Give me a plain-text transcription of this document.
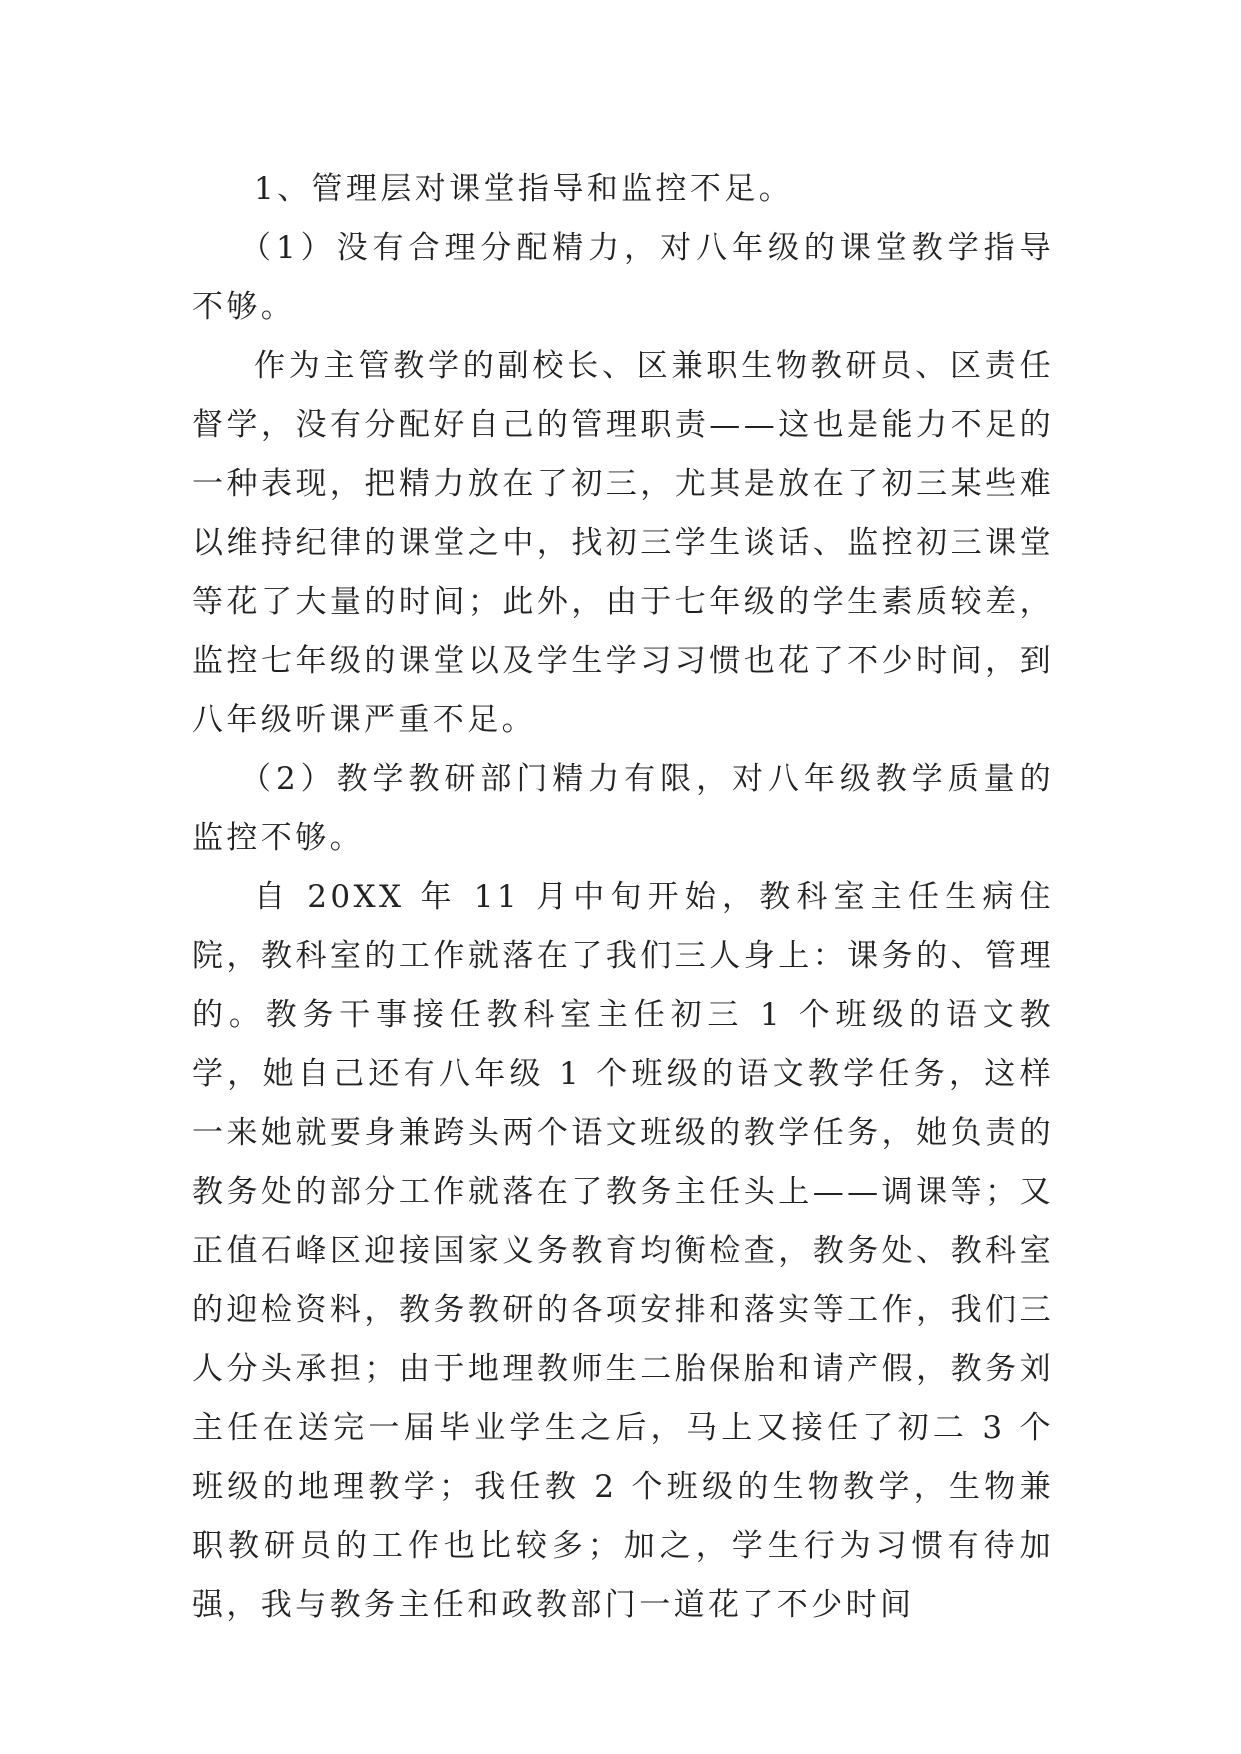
1、管理层对课堂指导和监控不足。

（1）没有合理分配精力，对八年级的课堂教学指导不够。

作为主管教学的副校长、区兼职生物教研员、区责任督学，没有分配好自己的管理职责——这也是能力不足的一种表现，把精力放在了初三，尤其是放在了初三某些难以维持纪律的课堂之中，找初三学生谈话、监控初三课堂等花了大量的时间；此外，由于七年级的学生素质较差，监控七年级的课堂以及学生学习习惯也花了不少时间，到八年级听课严重不足。

（2）教学教研部门精力有限，对八年级教学质量的监控不够。

自 20XX 年 11 月中旬开始，教科室主任生病住院，教科室的工作就落在了我们三人身上：课务的、管理的。教务干事接任教科室主任初三 1 个班级的语文教学，她自己还有八年级 1 个班级的语文教学任务，这样一来她就要身兼跨头两个语文班级的教学任务，她负责的教务处的部分工作就落在了教务主任头上——调课等；又正值石峰区迎接国家义务教育均衡检查，教务处、教科室的迎检资料，教务教研的各项安排和落实等工作，我们三人分头承担；由于地理教师生二胎保胎和请产假，教务刘主任在送完一届毕业学生之后，马上又接任了初二 3 个班级的地理教学；我任教 2 个班级的生物教学，生物兼职教研员的工作也比较多；加之，学生行为习惯有待加强，我与教务主任和政教部门一道花了不少时间
